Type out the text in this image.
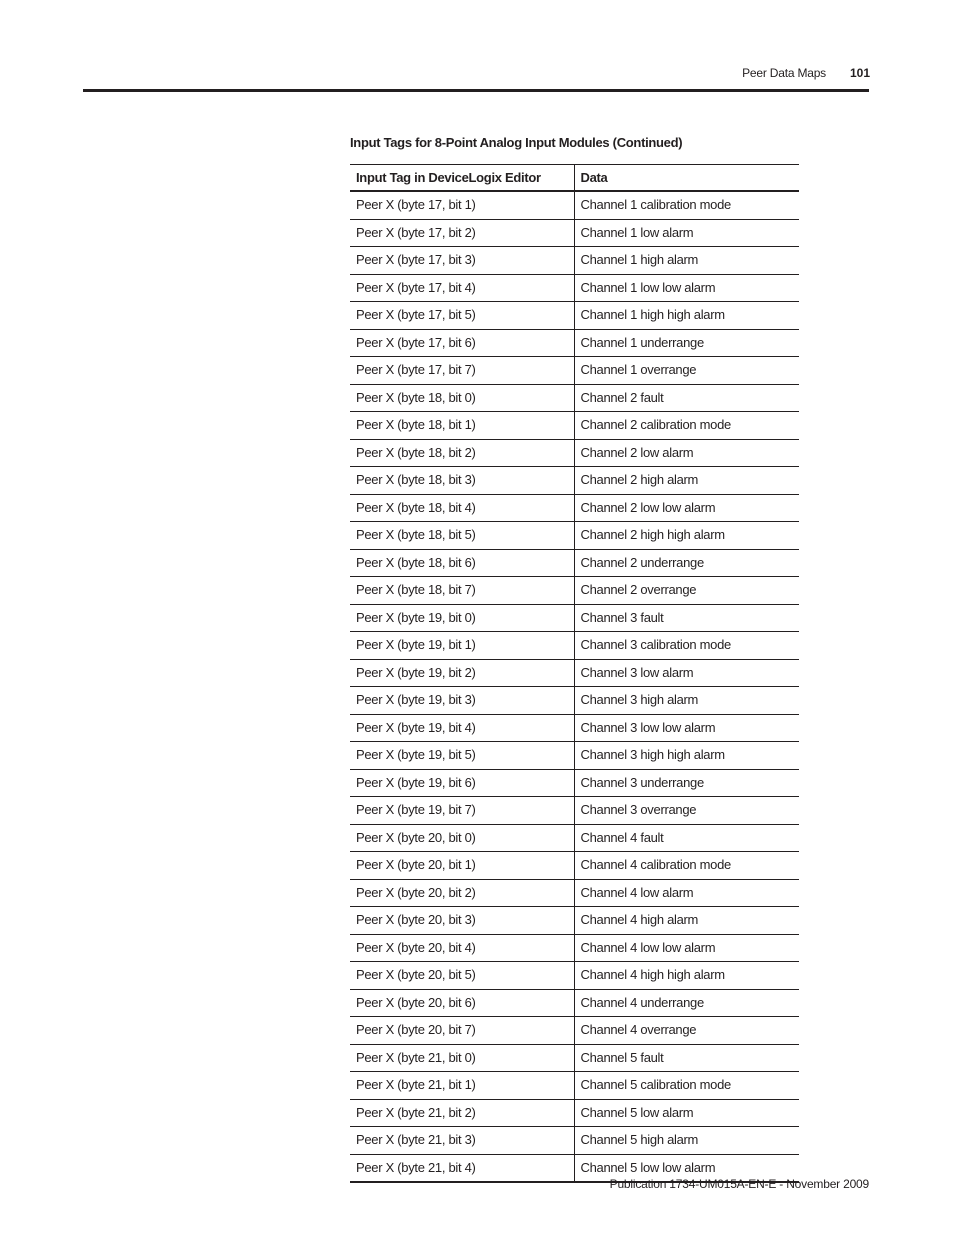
Peer Data Maps 101
Input Tags for 8-Point Analog Input Modules (Continued)
Input Tag in DeviceLogix Editor	Data
Peer X (byte 17, bit 1)	Channel 1 calibration mode
Peer X (byte 17, bit 2)	Channel 1 low alarm
Peer X (byte 17, bit 3)	Channel 1 high alarm
Peer X (byte 17, bit 4)	Channel 1 low low alarm
Peer X (byte 17, bit 5)	Channel 1 high high alarm
Peer X (byte 17, bit 6)	Channel 1 underrange
Peer X (byte 17, bit 7)	Channel 1 overrange
Peer X (byte 18, bit 0)	Channel 2 fault
Peer X (byte 18, bit 1)	Channel 2 calibration mode
Peer X (byte 18, bit 2)	Channel 2 low alarm
Peer X (byte 18, bit 3)	Channel 2 high alarm
Peer X (byte 18, bit 4)	Channel 2 low low alarm
Peer X (byte 18, bit 5)	Channel 2 high high alarm
Peer X (byte 18, bit 6)	Channel 2 underrange
Peer X (byte 18, bit 7)	Channel 2 overrange
Peer X (byte 19, bit 0)	Channel 3 fault
Peer X (byte 19, bit 1)	Channel 3 calibration mode
Peer X (byte 19, bit 2)	Channel 3 low alarm
Peer X (byte 19, bit 3)	Channel 3 high alarm
Peer X (byte 19, bit 4)	Channel 3 low low alarm
Peer X (byte 19, bit 5)	Channel 3 high high alarm
Peer X (byte 19, bit 6)	Channel 3 underrange
Peer X (byte 19, bit 7)	Channel 3 overrange
Peer X (byte 20, bit 0)	Channel 4 fault
Peer X (byte 20, bit 1)	Channel 4 calibration mode
Peer X (byte 20, bit 2)	Channel 4 low alarm
Peer X (byte 20, bit 3)	Channel 4 high alarm
Peer X (byte 20, bit 4)	Channel 4 low low alarm
Peer X (byte 20, bit 5)	Channel 4 high high alarm
Peer X (byte 20, bit 6)	Channel 4 underrange
Peer X (byte 20, bit 7)	Channel 4 overrange
Peer X (byte 21, bit 0)	Channel 5 fault
Peer X (byte 21, bit 1)	Channel 5 calibration mode
Peer X (byte 21, bit 2)	Channel 5 low alarm
Peer X (byte 21, bit 3)	Channel 5 high alarm
Peer X (byte 21, bit 4)	Channel 5 low low alarm
Publication 1734-UM015A-EN-E - November 2009
